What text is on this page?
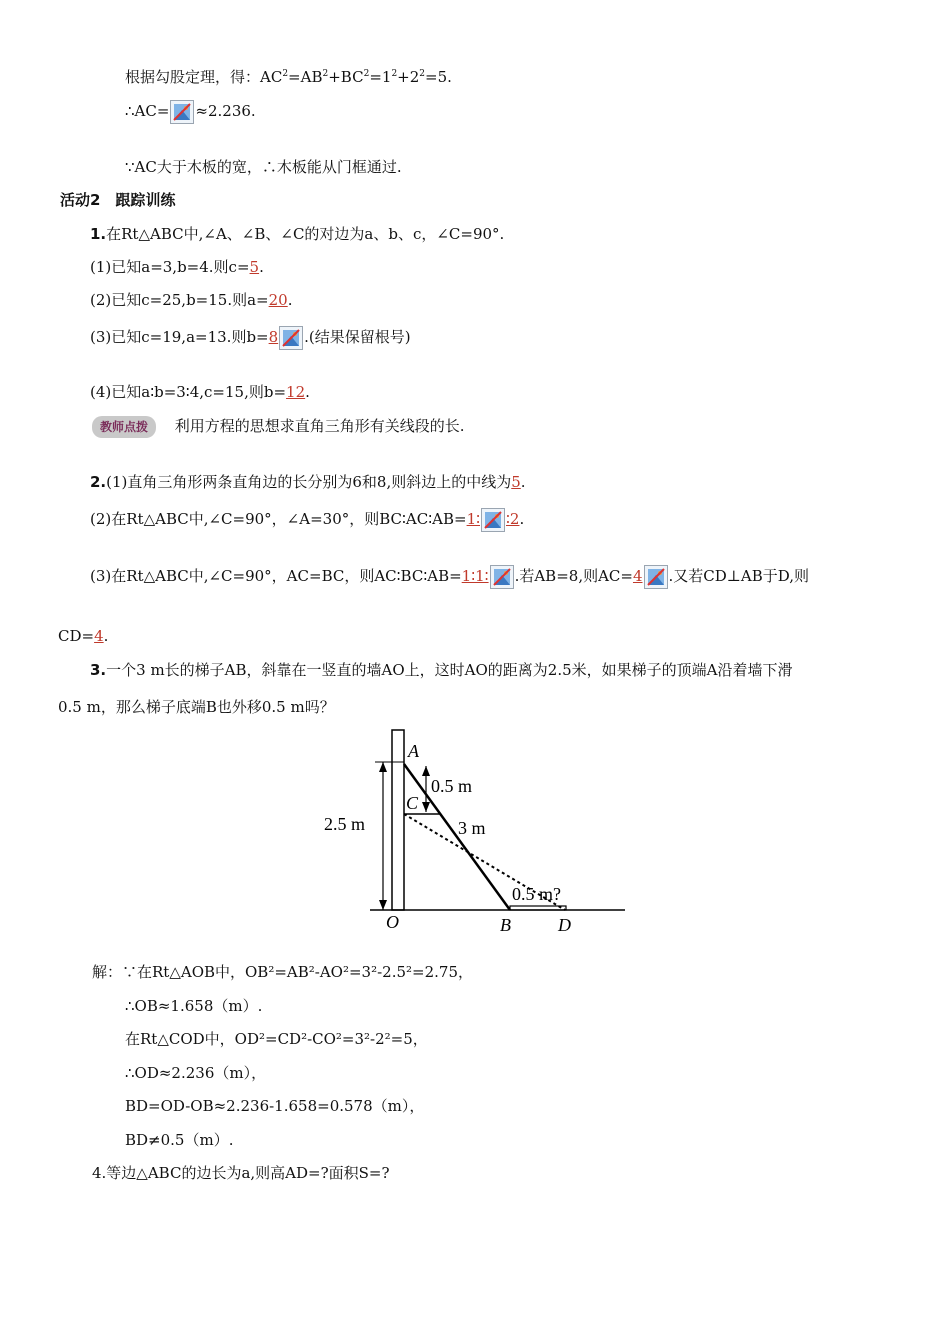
根据勾股定理，得：$AC^2=AB^2+BC^2=1^2+2^2=5$.
∴AC= ≈2.236.
∵AC大于木板的宽，∴木板能从门框通过.
活动2　跟踪训练
1.在Rt△ABC中,∠A、∠B、∠C的对边为a、b、c，∠C=90°.
(1)已知a=3,b=4.则c=5.
(2)已知c=25,b=15.则a=20.
(3)已知c=19,a=13.则b=8 .(结果保留根号)
(4)已知a∶b=3∶4,c=15,则b=12.
教师点拨 利用方程的思想求直角三角形有关线段的长.
2.(1)直角三角形两条直角边的长分别为6和8,则斜边上的中线为5.
(2)在Rt△ABC中,∠C=90°，∠A=30°，则BC∶AC∶AB=1∶ ∶2.
(3)在Rt△ABC中,∠C=90°，AC=BC，则AC∶BC∶AB=1∶1∶ .若AB=8,则AC=4 .又若CD⊥AB于D,则
CD=4.
3.一个3 m长的梯子AB，斜靠在一竖直的墙AO上，这时AO的距离为2.5米，如果梯子的顶端A沿着墙下滑
0.5 m，那么梯子底端B也外移0.5 m吗？
2.5 m
0.5 m
3 m
0.5 m?
A
C
O	B	D
解：∵在Rt△AOB中，OB²=AB²-AO²=3²-2.5²=2.75，
∴OB≈1.658（m）.
在Rt△COD中，OD²=CD²-CO²=3²-2²=5，
∴OD≈2.236（m），
BD=OD-OB≈2.236-1.658=0.578（m），
BD≠0.5（m）.
4.等边△ABC的边长为a,则高AD=?面积S=?
